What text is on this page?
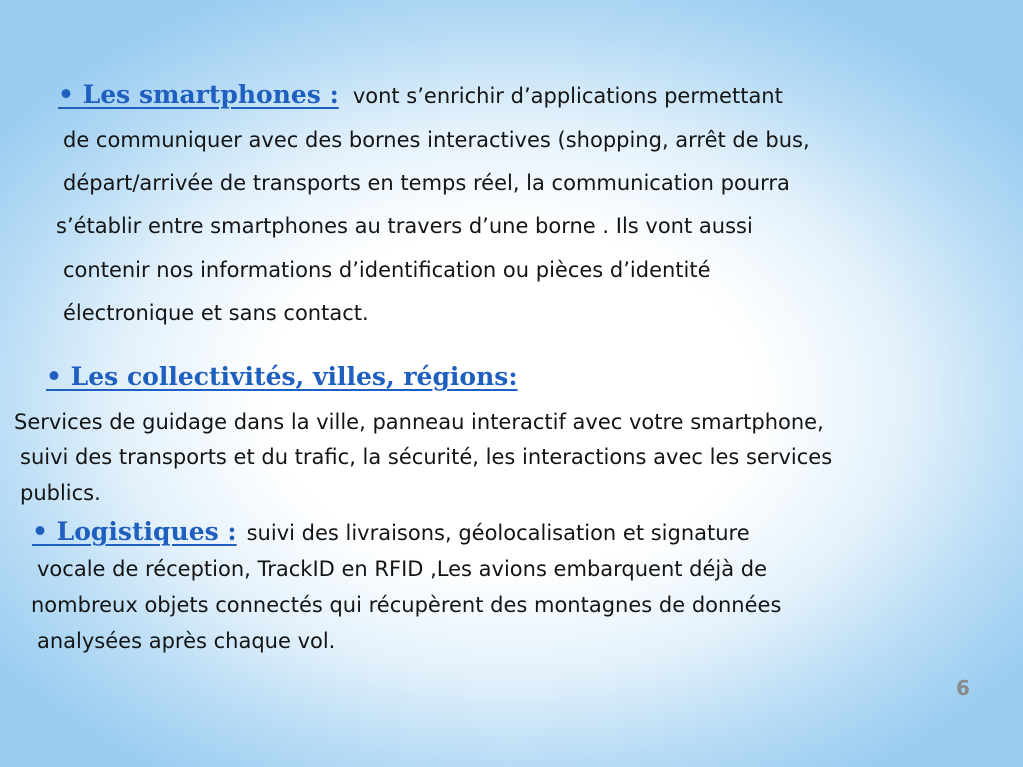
• Les smartphones : vont s’enrichir d’applications permettant
de communiquer avec des bornes interactives (shopping, arrêt de bus,
départ/arrivée de transports en temps réel, la communication pourra
s’établir entre smartphones au travers d’une borne . Ils vont aussi
contenir nos informations d’identification ou pièces d’identité
électronique et sans contact.
• Les collectivités, villes, régions:
Services de guidage dans la ville, panneau interactif avec votre smartphone,
suivi des transports et du trafic, la sécurité, les interactions avec les services
publics.
• Logistiques : suivi des livraisons, géolocalisation et signature
vocale de réception, TrackID en RFID ,Les avions embarquent déjà de
nombreux objets connectés qui récupèrent des montagnes de données
analysées après chaque vol.
6
